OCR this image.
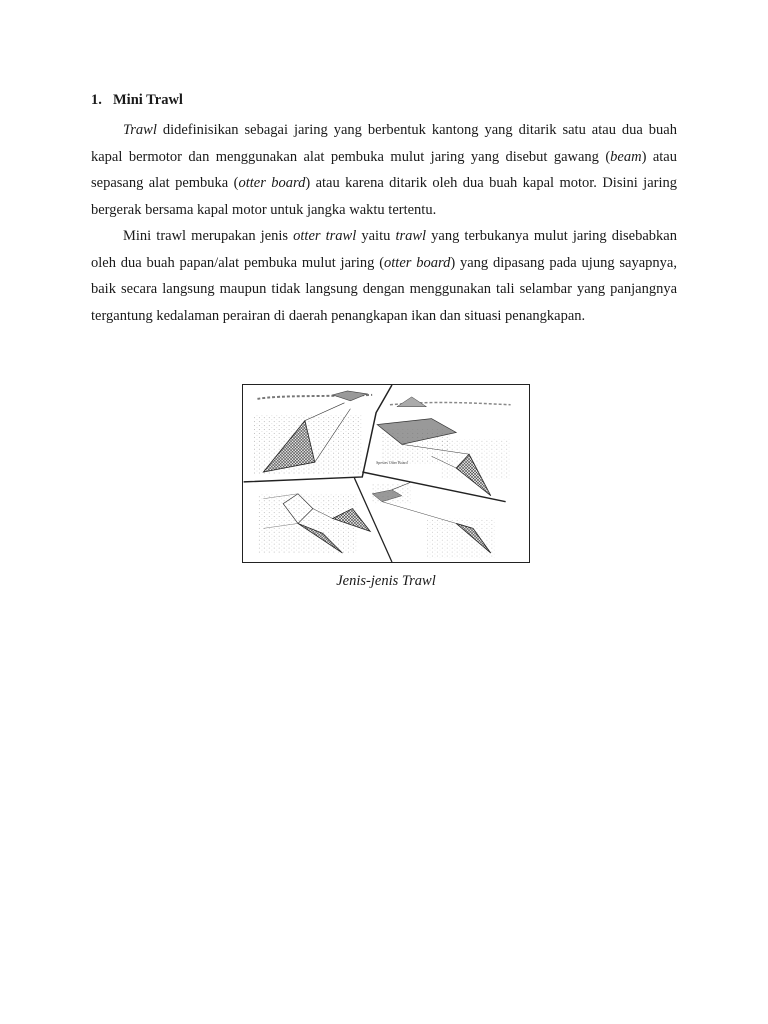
1. Mini Trawl

Trawl didefinisikan sebagai jaring yang berbentuk kantong yang ditarik satu atau dua buah kapal bermotor dan menggunakan alat pembuka mulut jaring yang disebut gawang (beam) atau sepasang alat pembuka (otter board) atau karena ditarik oleh dua buah kapal motor. Disini jaring bergerak bersama kapal motor untuk jangka waktu tertentu.

Mini trawl merupakan jenis otter trawl yaitu trawl yang terbukanya mulut jaring disebabkan oleh dua buah papan/alat pembuka mulut jaring (otter board) yang dipasang pada ujung sayapnya, baik secara langsung maupun tidak langsung dengan menggunakan tali selambar yang panjangnya tergantung kedalaman perairan di daerah penangkapan ikan dan situasi penangkapan.

Spesies Otter Board
Jenis-jenis Trawl
